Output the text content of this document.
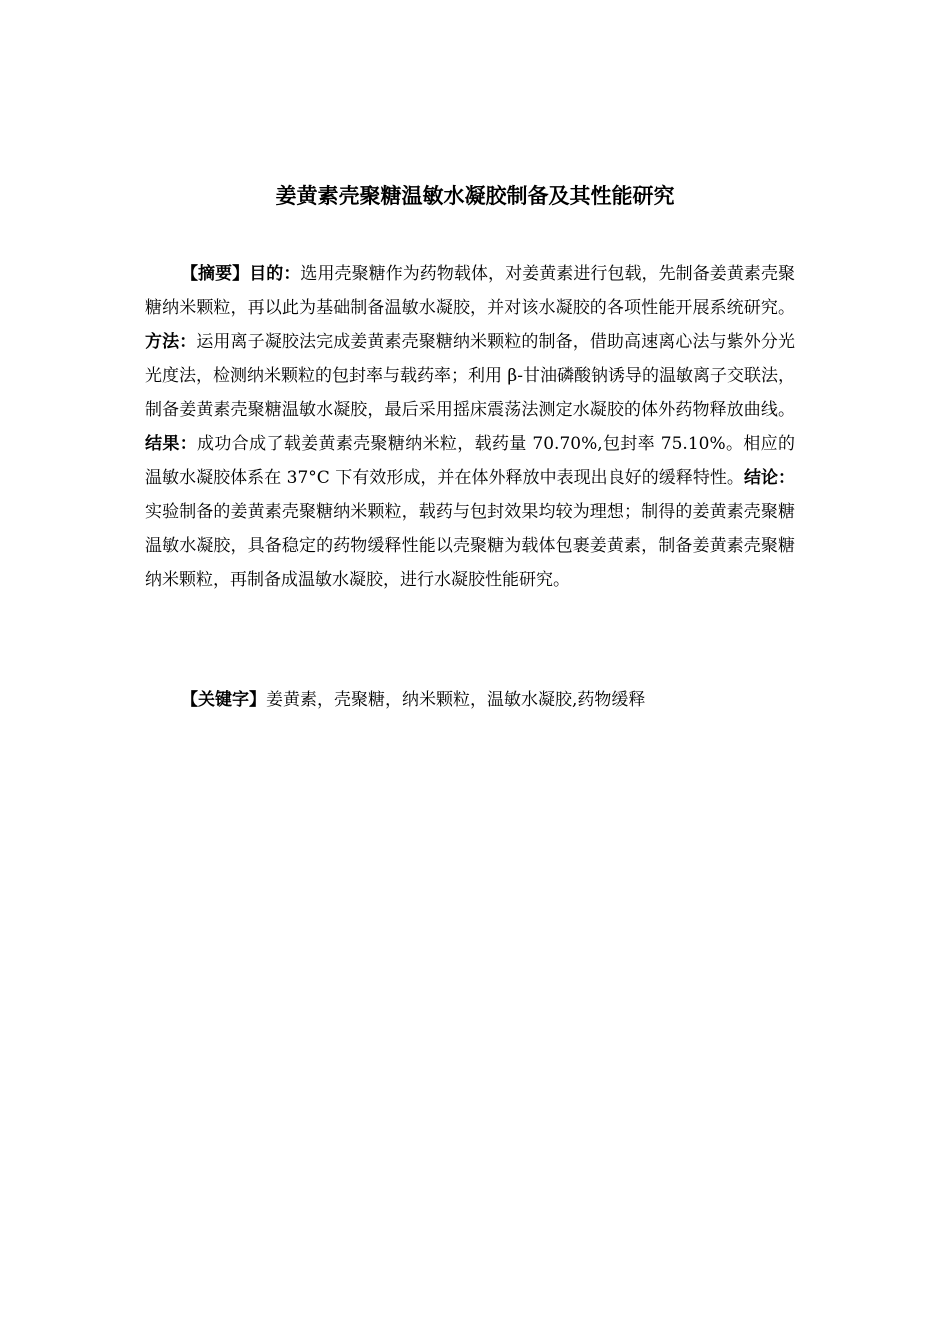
姜黄素壳聚糖温敏水凝胶制备及其性能研究

【摘要】目的：选用壳聚糖作为药物载体，对姜黄素进行包载，先制备姜黄素壳聚糖纳米颗粒，再以此为基础制备温敏水凝胶，并对该水凝胶的各项性能开展系统研究。方法：运用离子凝胶法完成姜黄素壳聚糖纳米颗粒的制备，借助高速离心法与紫外分光光度法，检测纳米颗粒的包封率与载药率；利用 β-甘油磷酸钠诱导的温敏离子交联法，制备姜黄素壳聚糖温敏水凝胶，最后采用摇床震荡法测定水凝胶的体外药物释放曲线。结果：成功合成了载姜黄素壳聚糖纳米粒，载药量 70.70%,包封率 75.10%。相应的温敏水凝胶体系在 37°C 下有效形成，并在体外释放中表现出良好的缓释特性。结论：实验制备的姜黄素壳聚糖纳米颗粒，载药与包封效果均较为理想；制得的姜黄素壳聚糖温敏水凝胶，具备稳定的药物缓释性能以壳聚糖为载体包裹姜黄素，制备姜黄素壳聚糖纳米颗粒，再制备成温敏水凝胶，进行水凝胶性能研究。

【关键字】姜黄素，壳聚糖，纳米颗粒，温敏水凝胶,药物缓释
